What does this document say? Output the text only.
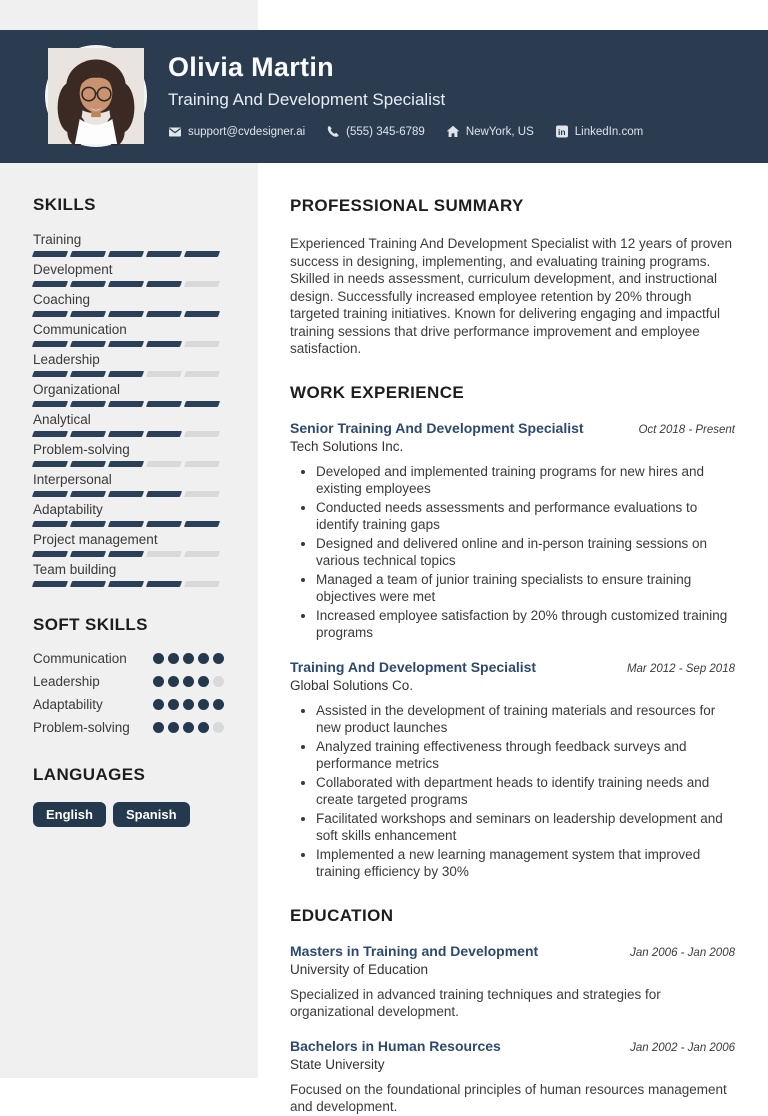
SKILLS
Training
Development
Coaching
Communication
Leadership
Organizational
Analytical
Problem-solving
Interpersonal
Adaptability
Project management
Team building
SOFT SKILLS
Communication
Leadership
Adaptability
Problem-solving
LANGUAGES
English	Spanish
Olivia Martin
Training And Development Specialist
support@cvdesigner.ai	(555) 345-6789	NewYork, US	in LinkedIn.com
PROFESSIONAL SUMMARY

Experienced Training And Development Specialist with 12 years of proven success in designing, implementing, and evaluating training programs. Skilled in needs assessment, curriculum development, and instructional design. Successfully increased employee retention by 20% through targeted training initiatives. Known for delivering engaging and impactful training sessions that drive performance improvement and employee satisfaction.

WORK EXPERIENCE
Senior Training And Development Specialist	Oct 2018 - Present
Tech Solutions Inc.
• Developed and implemented training programs for new hires and existing employees
• Conducted needs assessments and performance evaluations to identify training gaps
• Designed and delivered online and in-person training sessions on various technical topics
• Managed a team of junior training specialists to ensure training objectives were met
• Increased employee satisfaction by 20% through customized training programs
Training And Development Specialist	Mar 2012 - Sep 2018
Global Solutions Co.
• Assisted in the development of training materials and resources for new product launches
• Analyzed training effectiveness through feedback surveys and performance metrics
• Collaborated with department heads to identify training needs and create targeted programs
• Facilitated workshops and seminars on leadership development and soft skills enhancement
• Implemented a new learning management system that improved training efficiency by 30%
EDUCATION
Masters in Training and Development	Jan 2006 - Jan 2008
University of Education

Specialized in advanced training techniques and strategies for organizational development.

Bachelors in Human Resources	Jan 2002 - Jan 2006
State University

Focused on the foundational principles of human resources management and development.
